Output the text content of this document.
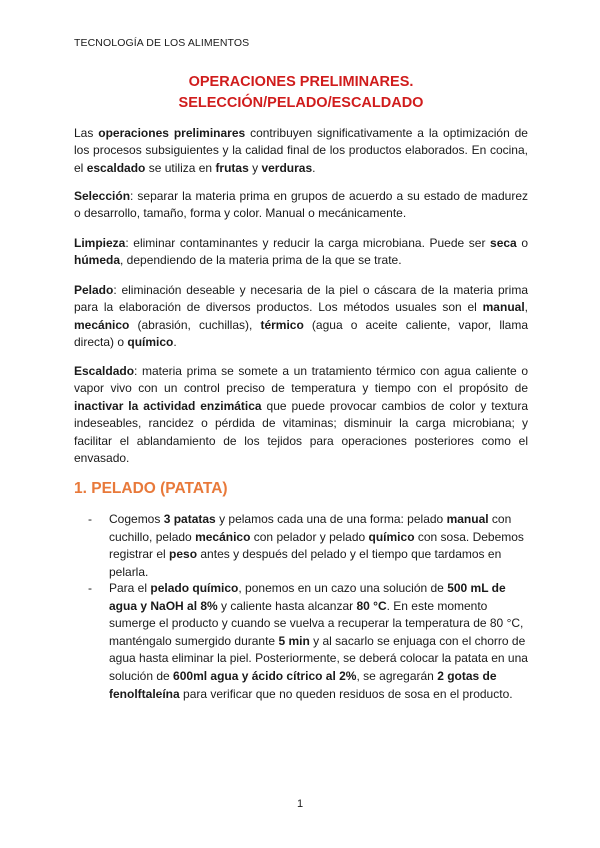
TECNOLOGÍA DE LOS ALIMENTOS
OPERACIONES PRELIMINARES.
SELECCIÓN/PELADO/ESCALDADO

Las operaciones preliminares contribuyen significativamente a la optimización de los procesos subsiguientes y la calidad final de los productos elaborados. En cocina, el escaldado se utiliza en frutas y verduras.

Selección: separar la materia prima en grupos de acuerdo a su estado de madurez o desarrollo, tamaño, forma y color. Manual o mecánicamente.

Limpieza: eliminar contaminantes y reducir la carga microbiana. Puede ser seca o húmeda, dependiendo de la materia prima de la que se trate.

Pelado: eliminación deseable y necesaria de la piel o cáscara de la materia prima para la elaboración de diversos productos. Los métodos usuales son el manual, mecánico (abrasión, cuchillas), térmico (agua o aceite caliente, vapor, llama directa) o químico.

Escaldado: materia prima se somete a un tratamiento térmico con agua caliente o vapor vivo con un control preciso de temperatura y tiempo con el propósito de inactivar la actividad enzimática que puede provocar cambios de color y textura indeseables, rancidez o pérdida de vitaminas; disminuir la carga microbiana; y facilitar el ablandamiento de los tejidos para operaciones posteriores como el envasado.

1. PELADO (PATATA)
- Cogemos 3 patatas y pelamos cada una de una forma: pelado manual con cuchillo, pelado mecánico con pelador y pelado químico con sosa. Debemos registrar el peso antes y después del pelado y el tiempo que tardamos en pelarla.
- Para el pelado químico, ponemos en un cazo una solución de 500 mL de agua y NaOH al 8% y caliente hasta alcanzar 80 °C. En este momento sumerge el producto y cuando se vuelva a recuperar la temperatura de 80 °C, manténgalo sumergido durante 5 min y al sacarlo se enjuaga con el chorro de agua hasta eliminar la piel. Posteriormente, se deberá colocar la patata en una solución de 600ml agua y ácido cítrico al 2%, se agregarán 2 gotas de fenolftaleína para verificar que no queden residuos de sosa en el producto.
1
